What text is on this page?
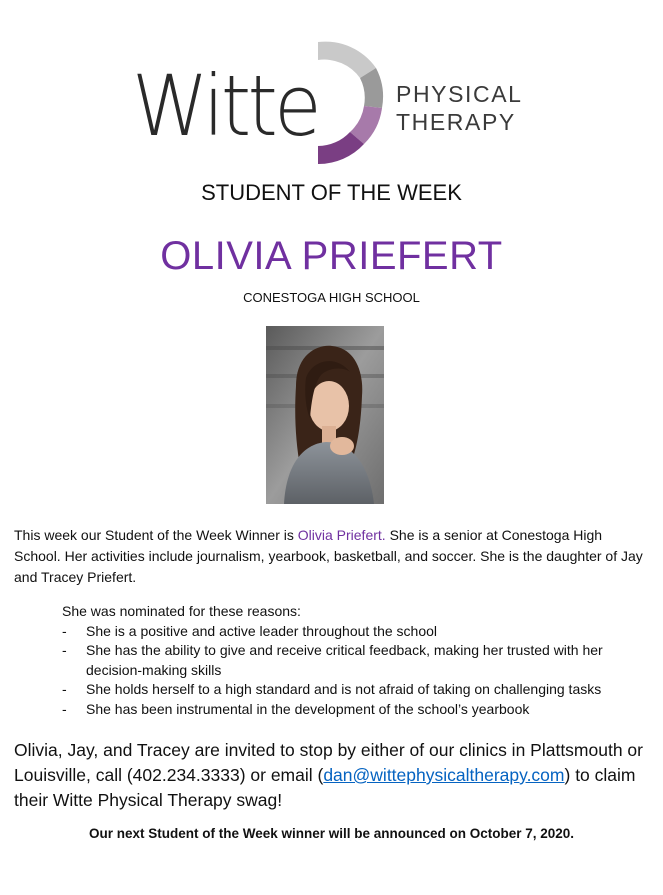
Witte	PHYSICAL
THERAPY
STUDENT OF THE WEEK
OLIVIA PRIEFERT
CONESTOGA HIGH SCHOOL
This week our Student of the Week Winner is Olivia Priefert. She is a senior at Conestoga High School. Her activities include journalism, yearbook, basketball, and soccer. She is the daughter of Jay and Tracey Priefert.
She was nominated for these reasons:
- She is a positive and active leader throughout the school
- She has the ability to give and receive critical feedback, making her trusted with her decision-making skills
- She holds herself to a high standard and is not afraid of taking on challenging tasks
- She has been instrumental in the development of the school’s yearbook
Olivia, Jay, and Tracey are invited to stop by either of our clinics in Plattsmouth or Louisville, call (402.234.3333) or email (dan@wittephysicaltherapy.com) to claim their Witte Physical Therapy swag!
Our next Student of the Week winner will be announced on October 7, 2020.
